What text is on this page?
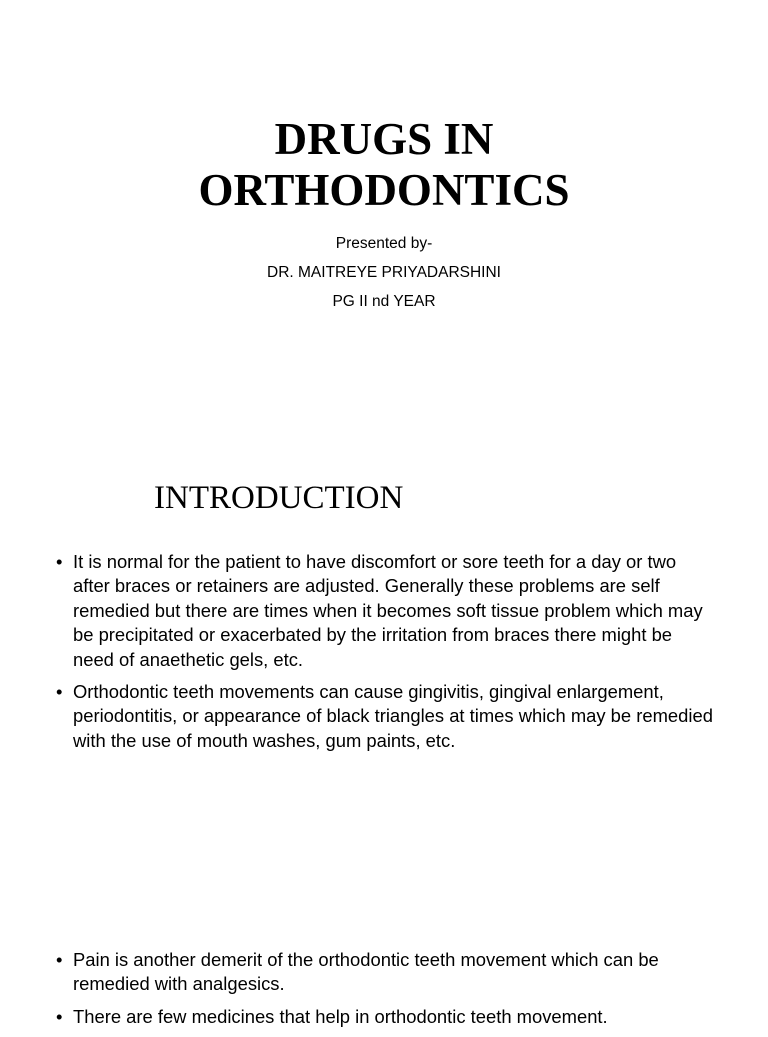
DRUGS IN
ORTHODONTICS
Presented by-
DR. MAITREYE PRIYADARSHINI
PG II nd YEAR
INTRODUCTION
• It is normal for the patient to have discomfort or sore teeth for a day or two after braces or retainers are adjusted. Generally these problems are self remedied but there are times when it becomes soft tissue problem which may be precipitated or exacerbated by the irritation from braces there might be need of anaethetic gels, etc.
• Orthodontic teeth movements can cause gingivitis, gingival enlargement, periodontitis, or appearance of black triangles at times which may be remedied with the use of mouth washes, gum paints, etc.
• Pain is another demerit of the orthodontic teeth movement which can be remedied with analgesics.
• There are few medicines that help in orthodontic teeth movement.
